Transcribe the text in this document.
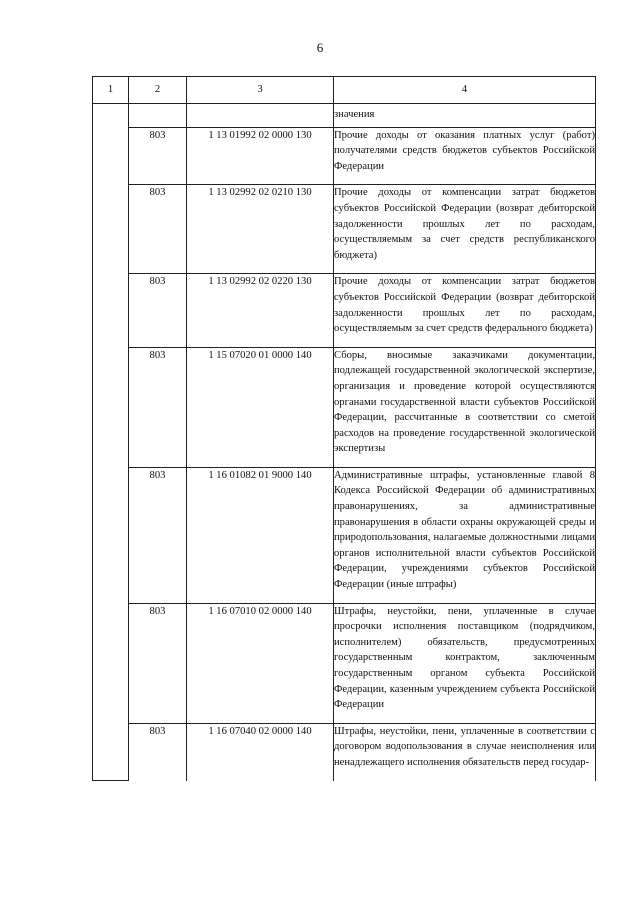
6
1	2	3	4
			значения
	803	1 13 01992 02 0000 130	Прочие доходы от оказания платных услуг (работ) получателями средств бюджетов субъектов Российской Федерации
	803	1 13 02992 02 0210 130	Прочие доходы от компенсации затрат бюджетов субъектов Российской Федерации (возврат дебиторской задолженности прошлых лет по расходам, осуществляемым за счет средств республиканского бюджета)
	803	1 13 02992 02 0220 130	Прочие доходы от компенсации затрат бюджетов субъектов Российской Федерации (возврат дебиторской задолженности прошлых лет по расходам, осуществляемым за счет средств федерального бюджета)
	803	1 15 07020 01 0000 140	Сборы, вносимые заказчиками документации, подлежащей государственной экологической экспертизе, организация и проведение которой осуществляются органами государственной власти субъектов Российской Федерации, рассчитанные в соответствии со сметой расходов на проведение государственной экологической экспертизы
	803	1 16 01082 01 9000 140	Административные штрафы, установленные главой 8 Кодекса Российской Федерации об административных правонарушениях, за административные правонарушения в области охраны окружающей среды и природопользования, налагаемые должностными лицами органов исполнительной власти субъектов Российской Федерации, учреждениями субъектов Российской Федерации (иные штрафы)
	803	1 16 07010 02 0000 140	Штрафы, неустойки, пени, уплаченные в случае просрочки исполнения поставщиком (подрядчиком, исполнителем) обязательств, предусмотренных государственным контрактом, заключенным государственным органом субъекта Российской Федерации, казенным учреждением субъекта Российской Федерации
	803	1 16 07040 02 0000 140	Штрафы, неустойки, пени, уплаченные в соответствии с договором водопользования в случае неисполнения или ненадлежащего исполнения обязательств перед государ-
